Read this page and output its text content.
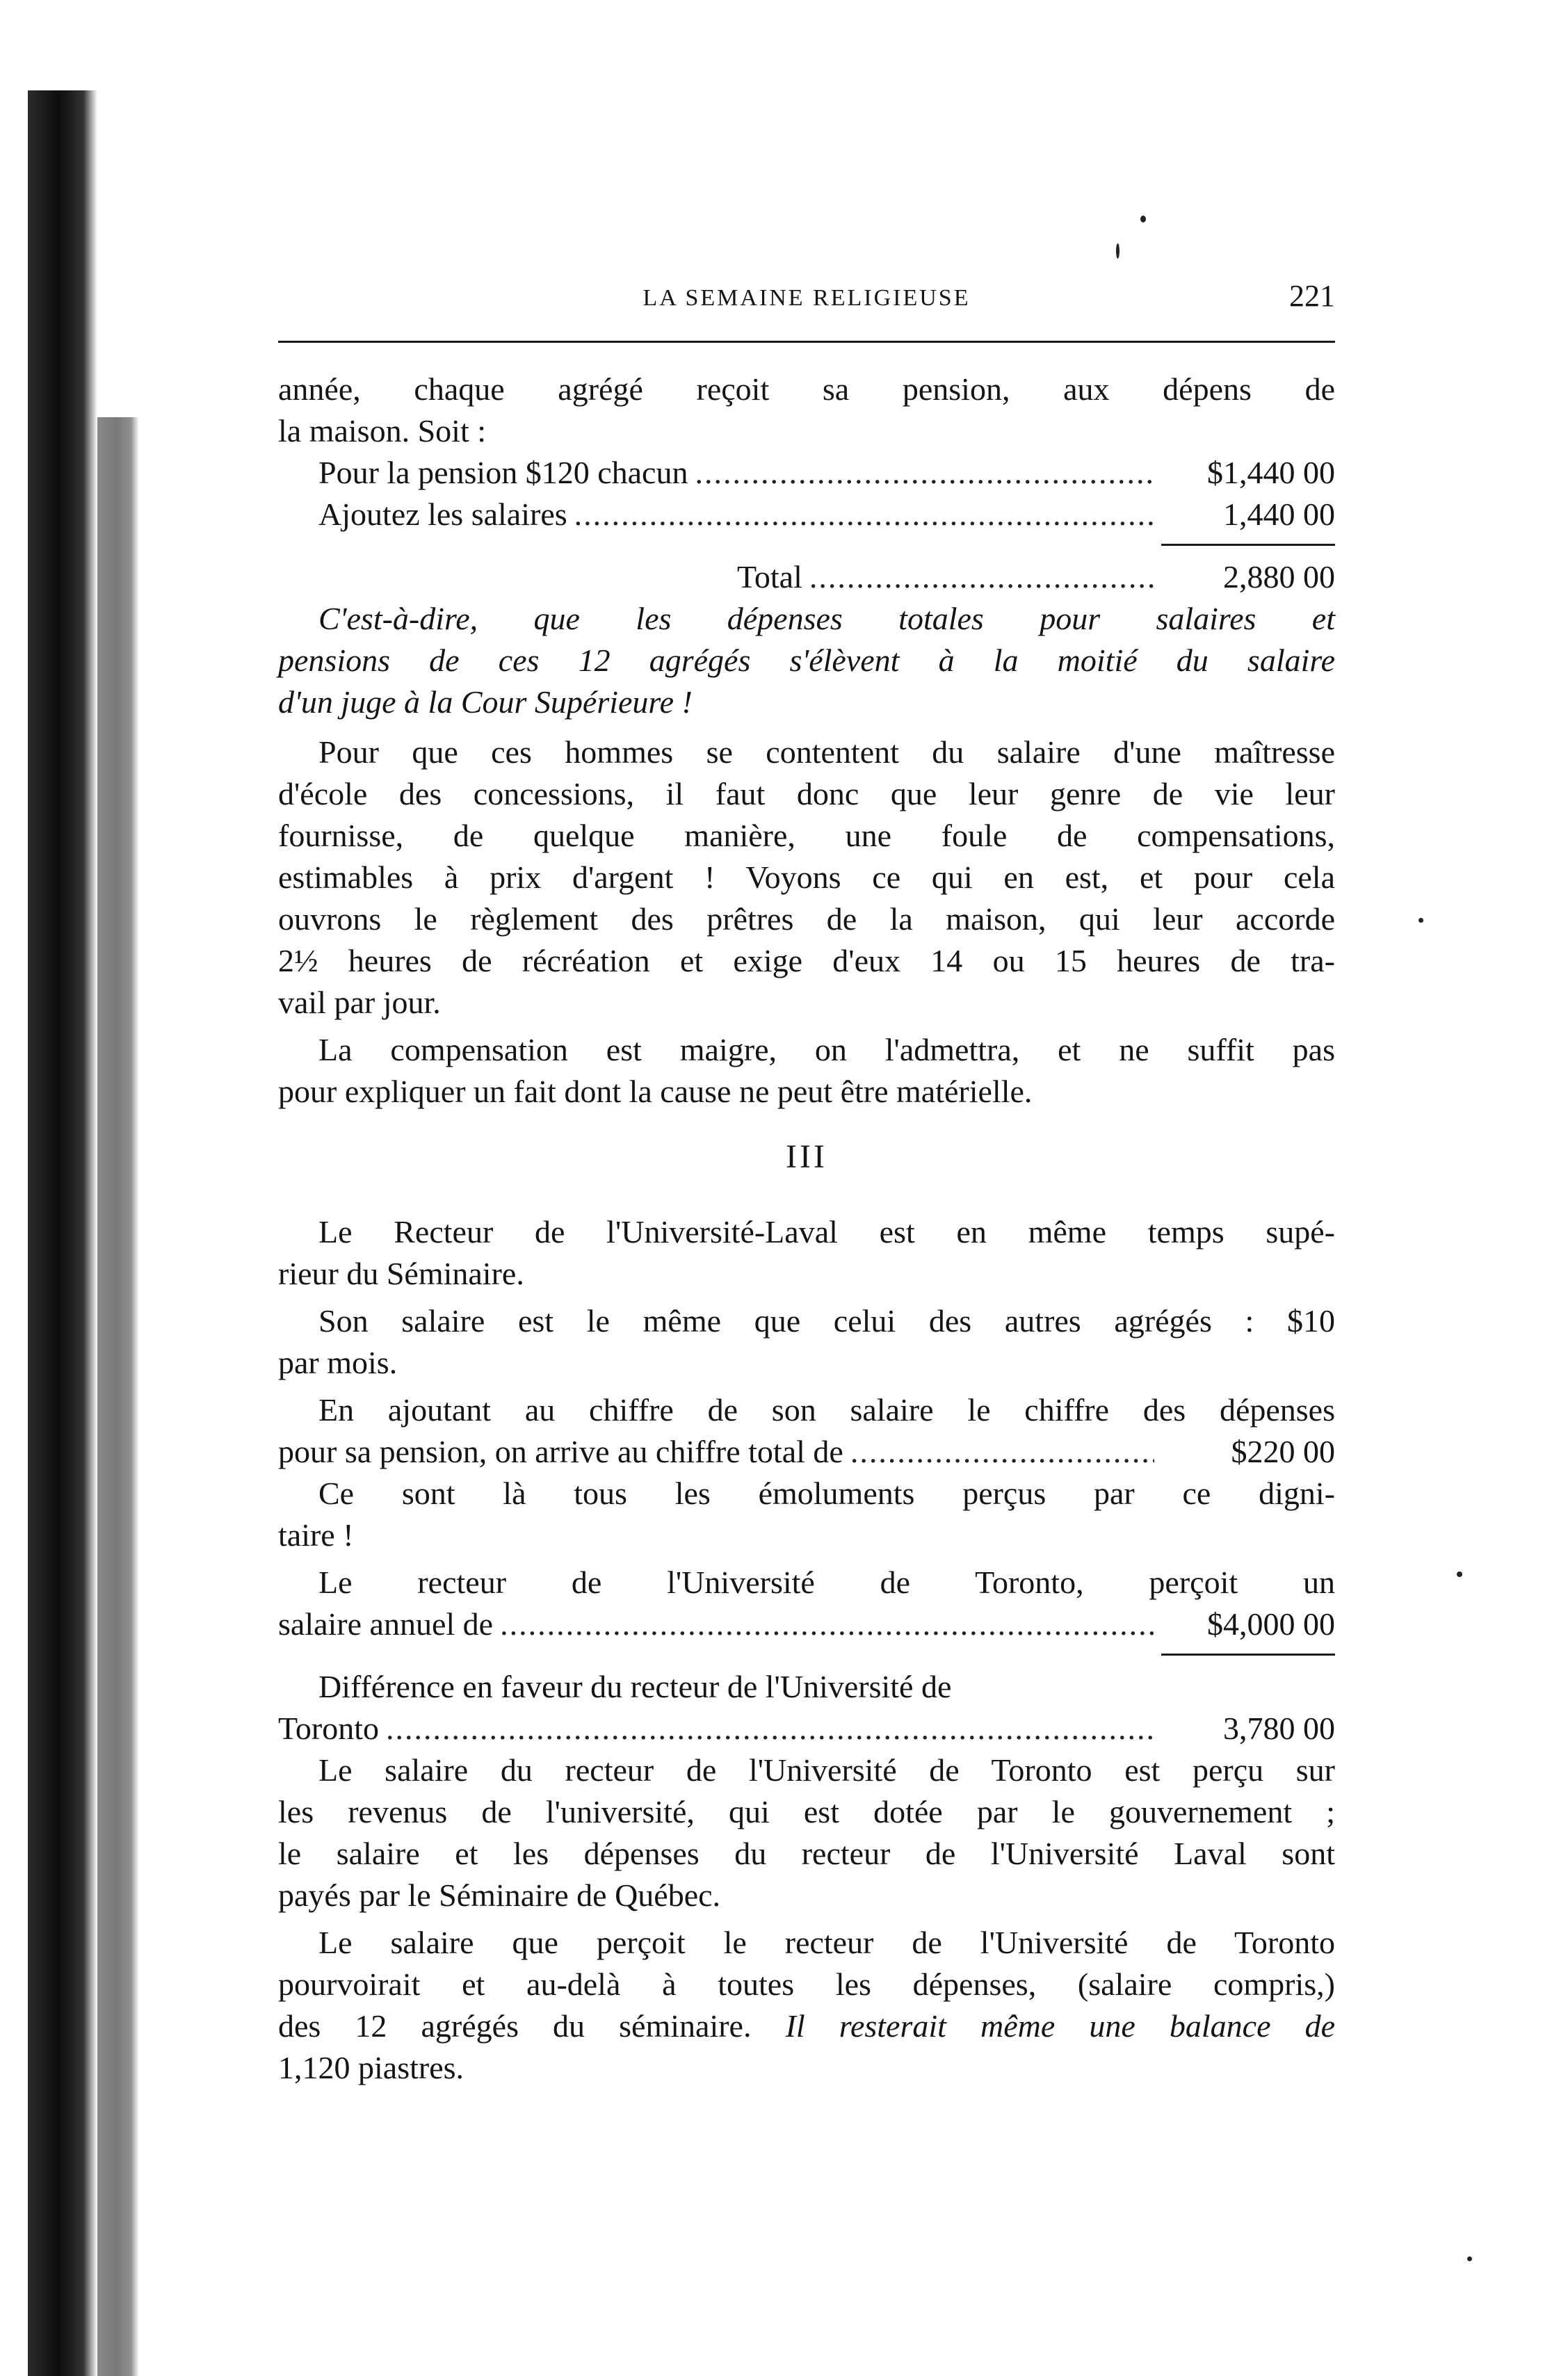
LA SEMAINE RELIGIEUSE	221
année, chaque agrégé reçoit sa pension, aux dépens de
la maison. Soit :
Pour la pension $120 chacun .....	$1,440 00
Ajoutez les salaires .....	1,440 00
Total .....	2,880 00
C'est-à-dire, que les dépenses totales pour salaires et
pensions de ces 12 agrégés s'élèvent à la moitié du salaire
d'un juge à la Cour Supérieure !
Pour que ces hommes se contentent du salaire d'une maîtresse
d'école des concessions, il faut donc que leur genre de vie leur
fournisse, de quelque manière, une foule de compensations,
estimables à prix d'argent ! Voyons ce qui en est, et pour cela
ouvrons le règlement des prêtres de la maison, qui leur accorde
2½ heures de récréation et exige d'eux 14 ou 15 heures de tra-
vail par jour.
La compensation est maigre, on l'admettra, et ne suffit pas
pour expliquer un fait dont la cause ne peut être matérielle.
III
Le Recteur de l'Université-Laval est en même temps supé-
rieur du Séminaire.
Son salaire est le même que celui des autres agrégés : $10
par mois.
En ajoutant au chiffre de son salaire le chiffre des dépenses
pour sa pension, on arrive au chiffre total de .....	$220 00
Ce sont là tous les émoluments perçus par ce digni-
taire !
Le recteur de l'Université de Toronto, perçoit un
salaire annuel de .....	$4,000 00
Différence en faveur du recteur de l'Université de
Toronto .....	3,780 00
Le salaire du recteur de l'Université de Toronto est perçu sur
les revenus de l'université, qui est dotée par le gouvernement ;
le salaire et les dépenses du recteur de l'Université Laval sont
payés par le Séminaire de Québec.
Le salaire que perçoit le recteur de l'Université de Toronto
pourvoirait et au-delà à toutes les dépenses, (salaire compris,)
des 12 agrégés du séminaire. Il resterait même une balance de
1,120 piastres.
